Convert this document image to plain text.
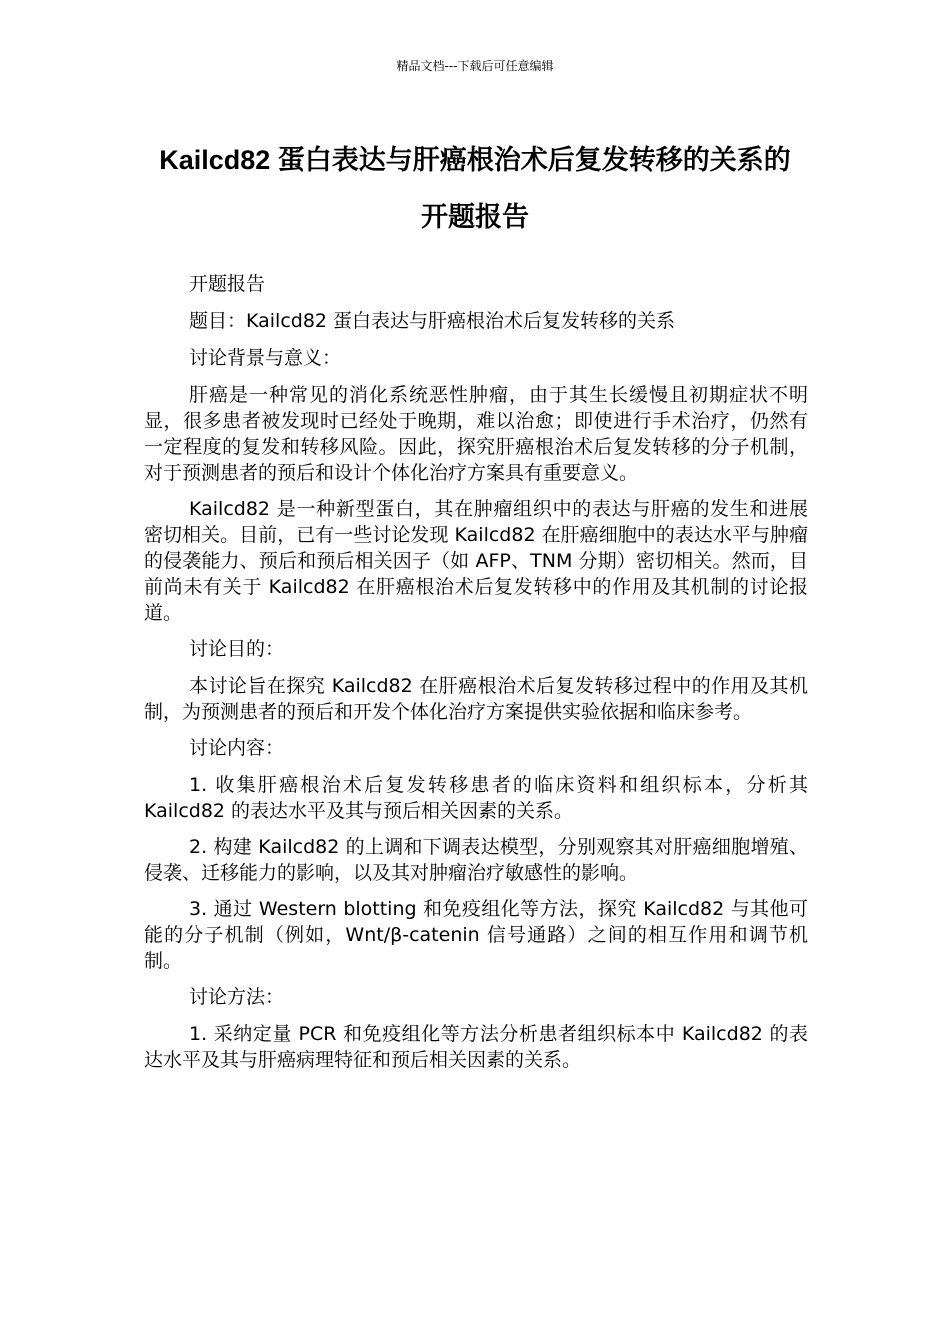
精品文档---下载后可任意编辑
Kailcd82 蛋白表达与肝癌根治术后复发转移的关系的
开题报告

开题报告

题目：Kailcd82 蛋白表达与肝癌根治术后复发转移的关系

讨论背景与意义：

肝癌是一种常见的消化系统恶性肿瘤，由于其生长缓慢且初期症状不明显，很多患者被发现时已经处于晚期，难以治愈；即使进行手术治疗，仍然有一定程度的复发和转移风险。因此，探究肝癌根治术后复发转移的分子机制，对于预测患者的预后和设计个体化治疗方案具有重要意义。

Kailcd82 是一种新型蛋白，其在肿瘤组织中的表达与肝癌的发生和进展密切相关。目前，已有一些讨论发现 Kailcd82 在肝癌细胞中的表达水平与肿瘤的侵袭能力、预后和预后相关因子（如 AFP、TNM 分期）密切相关。然而，目前尚未有关于 Kailcd82 在肝癌根治术后复发转移中的作用及其机制的讨论报道。

讨论目的：

本讨论旨在探究 Kailcd82 在肝癌根治术后复发转移过程中的作用及其机制，为预测患者的预后和开发个体化治疗方案提供实验依据和临床参考。

讨论内容：

1. 收集肝癌根治术后复发转移患者的临床资料和组织标本，分析其 Kailcd82 的表达水平及其与预后相关因素的关系。

2. 构建 Kailcd82 的上调和下调表达模型，分别观察其对肝癌细胞增殖、侵袭、迁移能力的影响，以及其对肿瘤治疗敏感性的影响。

3. 通过 Western blotting 和免疫组化等方法，探究 Kailcd82 与其他可能的分子机制（例如，Wnt/β-catenin 信号通路）之间的相互作用和调节机制。

讨论方法：

1. 采纳定量 PCR 和免疫组化等方法分析患者组织标本中 Kailcd82 的表达水平及其与肝癌病理特征和预后相关因素的关系。
